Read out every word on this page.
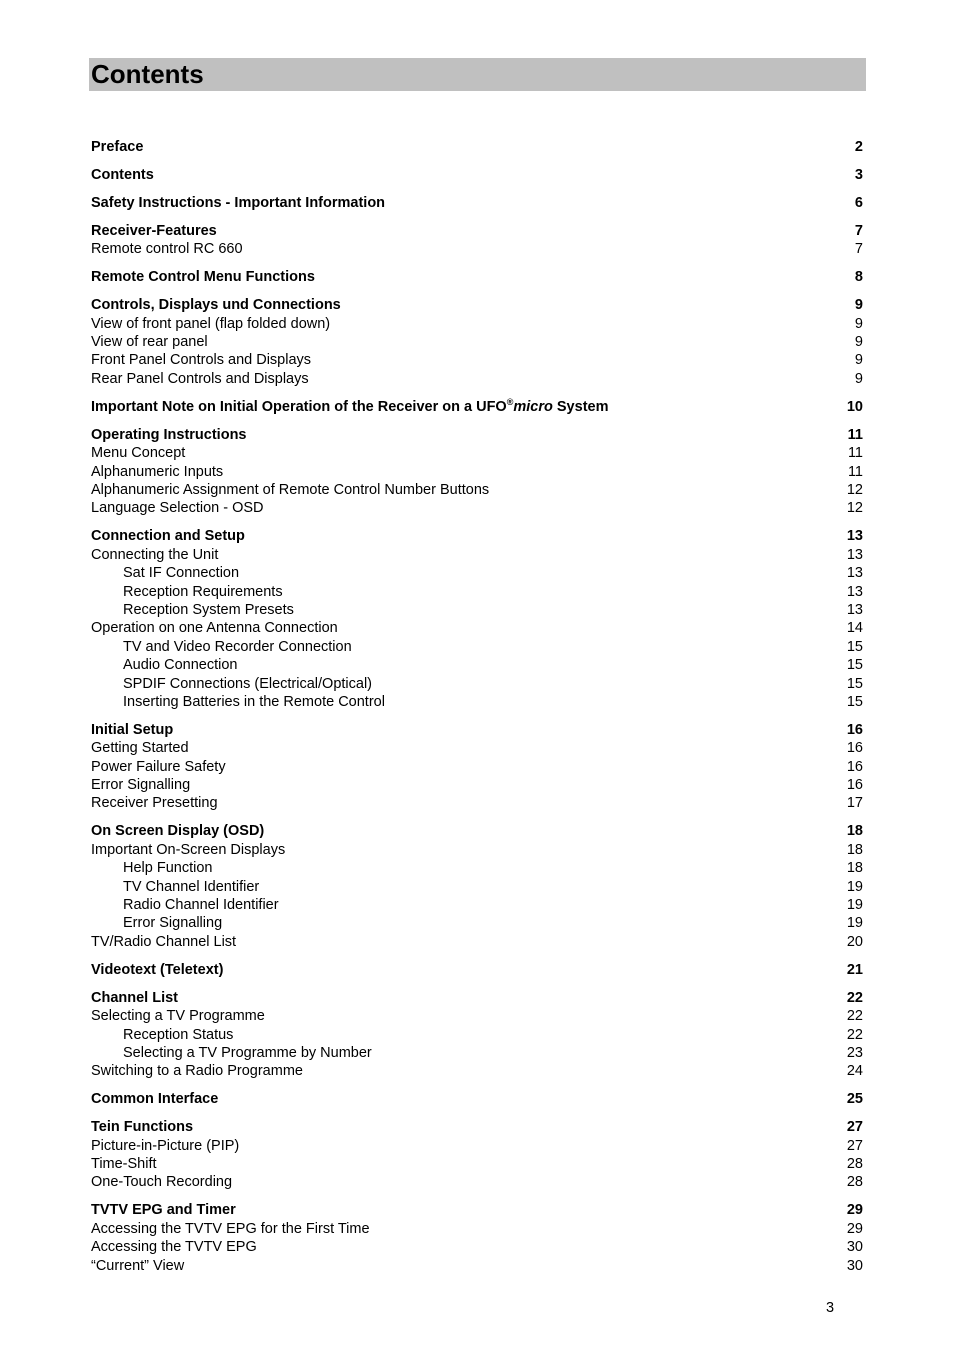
Contents
Preface	2
Contents	3
Safety Instructions - Important Information	6
Receiver-Features	7
Remote control RC 660	7
Remote Control Menu Functions	8
Controls, Displays und Connections	9
View of front panel (flap folded down)	9
View of rear panel	9
Front Panel Controls and Displays	9
Rear Panel Controls and Displays	9
Important Note on Initial Operation of the Receiver on a UFO®micro System	10
Operating Instructions	11
Menu Concept	11
Alphanumeric Inputs	11
Alphanumeric Assignment of Remote Control Number Buttons	12
Language Selection - OSD	12
Connection and Setup	13
Connecting the Unit	13
Sat IF Connection	13
Reception Requirements	13
Reception System Presets	13
Operation on one Antenna Connection	14
TV and Video Recorder Connection	15
Audio Connection	15
SPDIF Connections (Electrical/Optical)	15
Inserting Batteries in the Remote Control	15
Initial Setup	16
Getting Started	16
Power Failure Safety	16
Error Signalling	16
Receiver Presetting	17
On Screen Display (OSD)	18
Important On-Screen Displays	18
Help Function	18
TV Channel Identifier	19
Radio Channel Identifier	19
Error Signalling	19
TV/Radio Channel List	20
Videotext (Teletext)	21
Channel List	22
Selecting a TV Programme	22
Reception Status	22
Selecting a TV Programme by Number	23
Switching to a Radio Programme	24
Common Interface	25
Tein Functions	27
Picture-in-Picture (PIP)	27
Time-Shift	28
One-Touch Recording	28
TVTV EPG and Timer	29
Accessing the TVTV EPG for the First Time	29
Accessing the TVTV EPG	30
“Current” View	30
3
